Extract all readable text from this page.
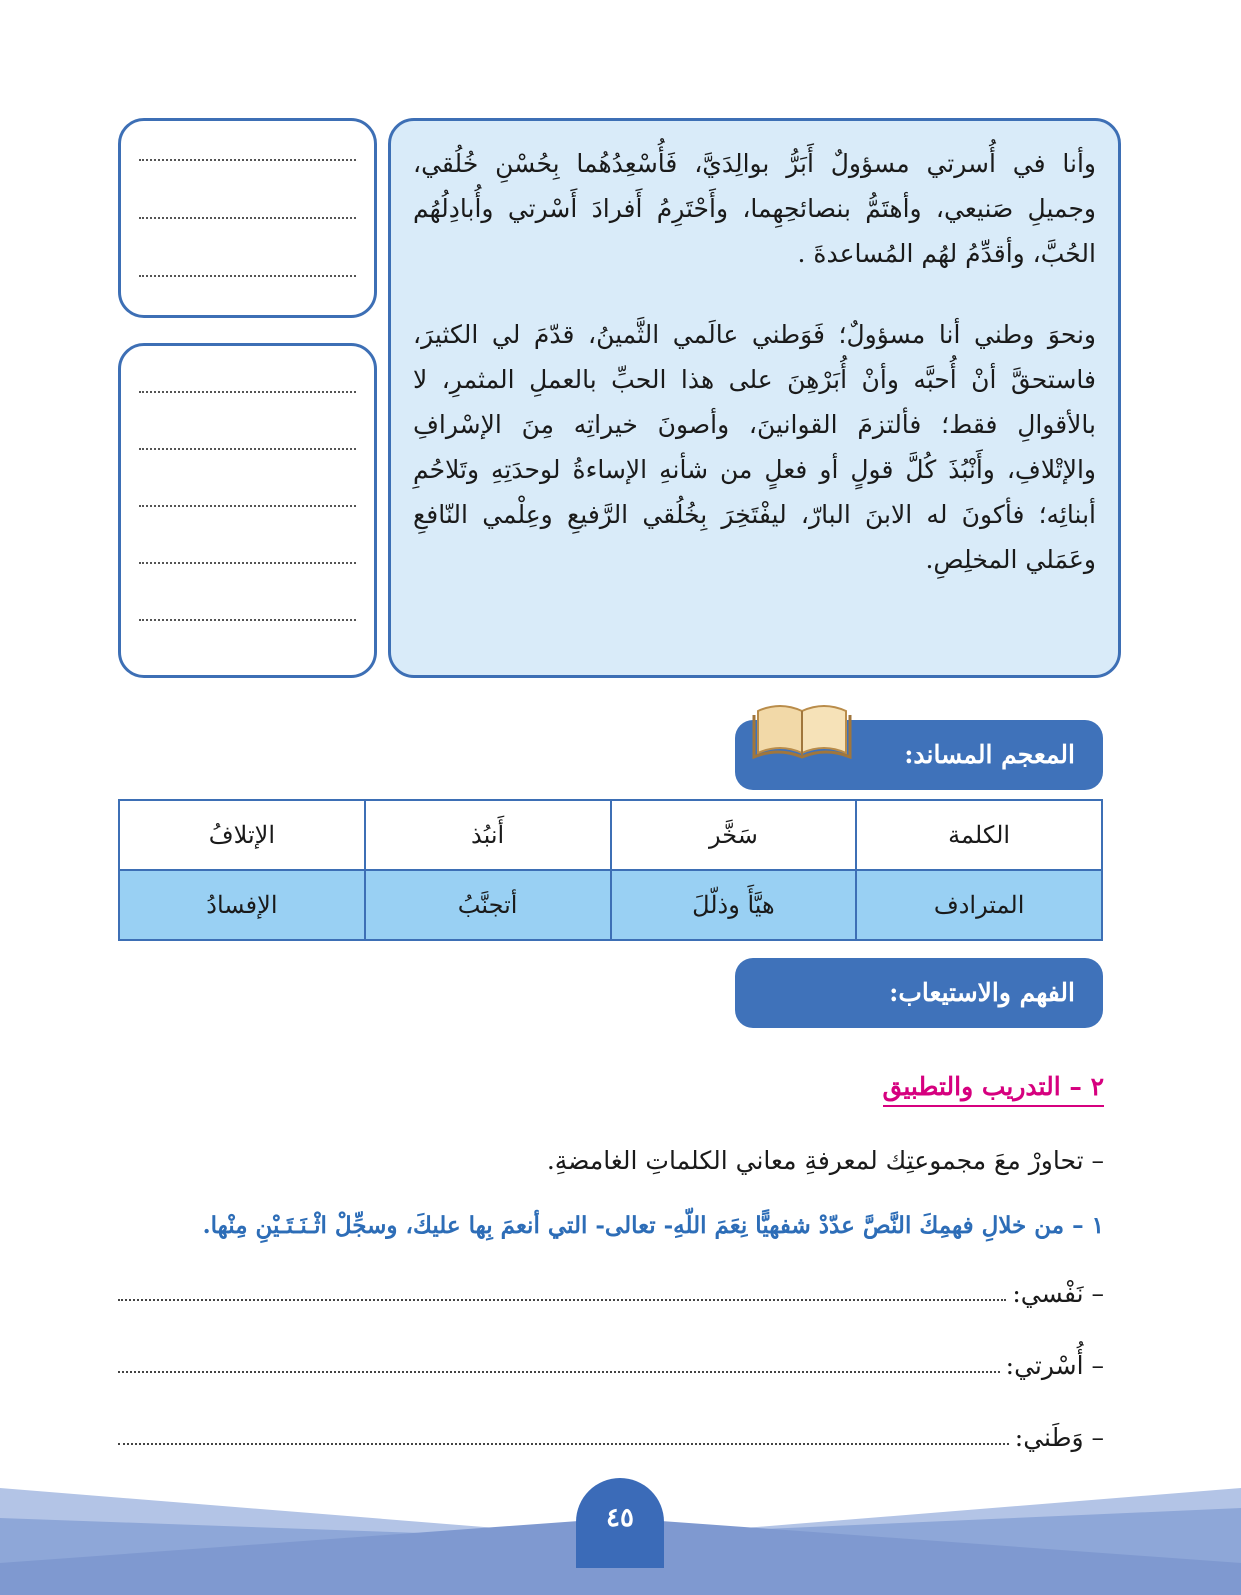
وأنا في أُسرتي مسؤولٌ أَبَرُّ بوالِدَيَّ، فَأُسْعِدُهُما بِحُسْنِ خُلُقي، وجميلِ صَنيعي، وأهتَمُّ بنصائحِهِما، وأَحْتَرِمُ أَفرادَ أَسْرتي وأُبادِلُهُم الحُبَّ، وأقدِّمُ لهُم المُساعدةَ .

ونحوَ وطني أنا مسؤولٌ؛ فَوَطني عالَمي الثَّمينُ، قدّمَ لي الكثيرَ، فاستحقَّ أنْ أُحبَّه وأنْ أُبَرْهِنَ على هذا الحبِّ بالعملِ المثمرِ، لا بالأقوالِ فقط؛ فألتزمَ القوانينَ، وأصونَ خيراتِه مِنَ الإسْرافِ والإتْلافِ، وأَنْبُذَ كُلَّ قولٍ أو فعلٍ من شأنهِ الإساءةُ لوحدَتِهِ وتَلاحُمِ أبنائِه؛ فأكونَ له الابنَ البارّ، ليفْتَخِرَ بِخُلُقي الرَّفيعِ وعِلْمي النّافعِ وعَمَلي المخلِصِ.

المعجم المساند:
الكلمة	سَخَّر	أَنبُذ	الإتلافُ
المترادف	هيَّأَ وذلّلَ	أتجنَّبُ	الإفسادُ
الفهم والاستيعاب:
٢ – التدريب والتطبيق
– تحاورْ معَ مجموعتِك لمعرفةِ معاني الكلماتِ الغامضةِ.
١ – من خلالِ فهمِكَ النَّصَّ عدّدْ شفهيًّا نِعَمَ اللّهِ- تعالى- التي أنعمَ بِها عليكَ، وسجِّلْ اثْـنَـتَـيْنِ مِنْها.
– نَفْسي:
– أُسْرتي:
– وَطَني:
٤٥
